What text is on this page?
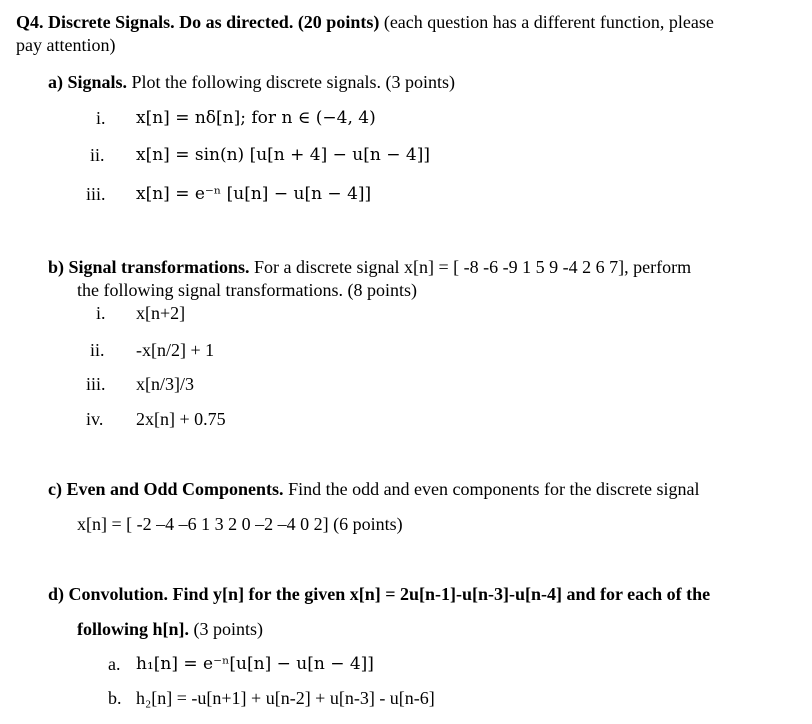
Q4. Discrete Signals. Do as directed. (20 points) (each question has a different function, please
pay attention)
a) Signals. Plot the following discrete signals. (3 points)
i. x[n] = nδ[n]; for n ∈ (−4, 4)
ii. x[n] = sin(n) [u[n + 4] − u[n − 4]]
iii. x[n] = e⁻ⁿ [u[n] − u[n − 4]]
b) Signal transformations. For a discrete signal x[n] = [ -8 -6 -9 1 5 9 -4 2 6 7], perform
the following signal transformations. (8 points)
i. x[n+2]
ii. -x[n/2] + 1
iii. x[n/3]/3
iv. 2x[n] + 0.75
c) Even and Odd Components. Find the odd and even components for the discrete signal
x[n] = [ -2 –4 –6 1 3 2 0 –2 –4 0 2] (6 points)
d) Convolution. Find y[n] for the given x[n] = 2u[n-1]-u[n-3]-u[n-4] and for each of the
following h[n]. (3 points)
a. h₁[n] = e⁻ⁿ[u[n] − u[n − 4]]
b. h₂[n] = -u[n+1] + u[n-2] + u[n-3] - u[n-6]
